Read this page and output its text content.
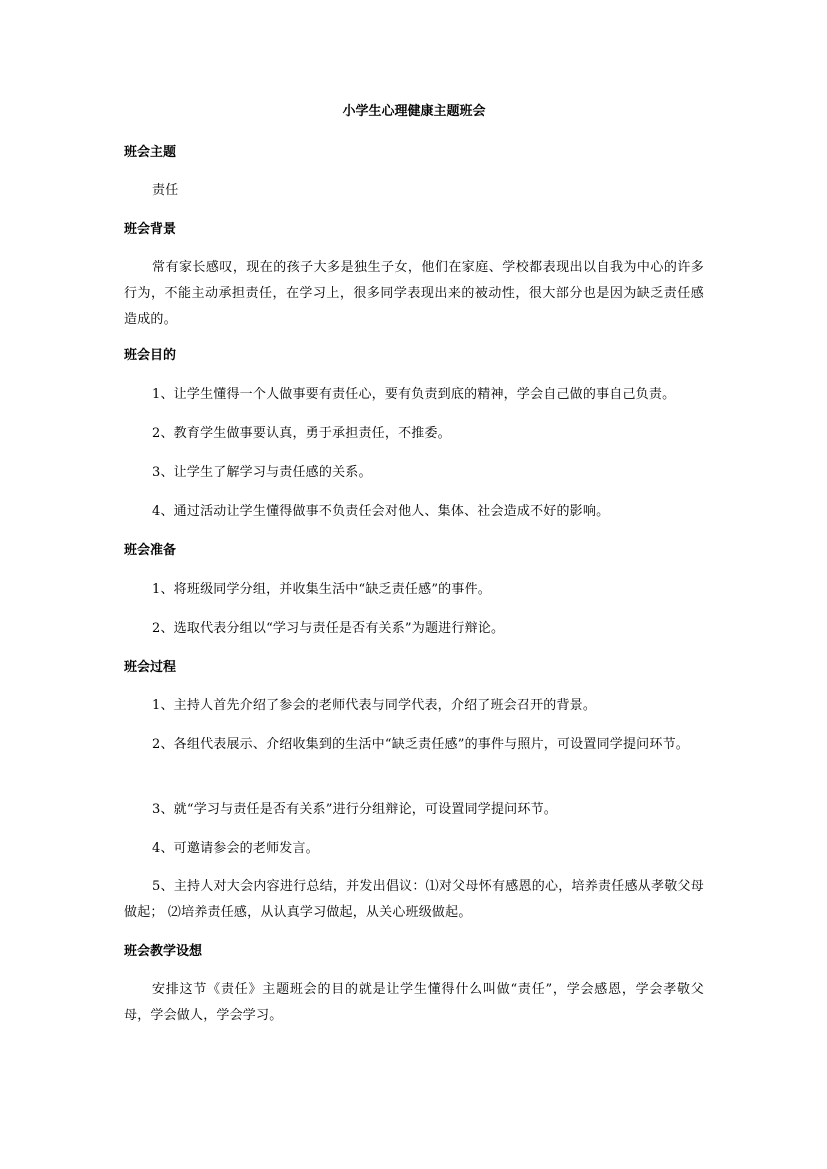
小学生心理健康主题班会
班会主题
责任
班会背景
常有家长感叹，现在的孩子大多是独生子女，他们在家庭、学校都表现出以自我为中心的许多行为，不能主动承担责任，在学习上，很多同学表现出来的被动性，很大部分也是因为缺乏责任感造成的。
班会目的
1、让学生懂得一个人做事要有责任心，要有负责到底的精神，学会自己做的事自己负责。
2、教育学生做事要认真，勇于承担责任，不推委。
3、让学生了解学习与责任感的关系。
4、通过活动让学生懂得做事不负责任会对他人、集体、社会造成不好的影响。
班会准备
1、将班级同学分组，并收集生活中“缺乏责任感”的事件。
2、选取代表分组以“学习与责任是否有关系”为题进行辩论。
班会过程
1、主持人首先介绍了参会的老师代表与同学代表，介绍了班会召开的背景。
2、各组代表展示、介绍收集到的生活中“缺乏责任感”的事件与照片，可设置同学提问环节。
3、就“学习与责任是否有关系”进行分组辩论，可设置同学提问环节。
4、可邀请参会的老师发言。
5、主持人对大会内容进行总结，并发出倡议：⑴对父母怀有感恩的心，培养责任感从孝敬父母做起； ⑵培养责任感，从认真学习做起，从关心班级做起。
班会教学设想
安排这节《责任》主题班会的目的就是让学生懂得什么叫做“责任”，学会感恩，学会孝敬父母，学会做人，学会学习。
